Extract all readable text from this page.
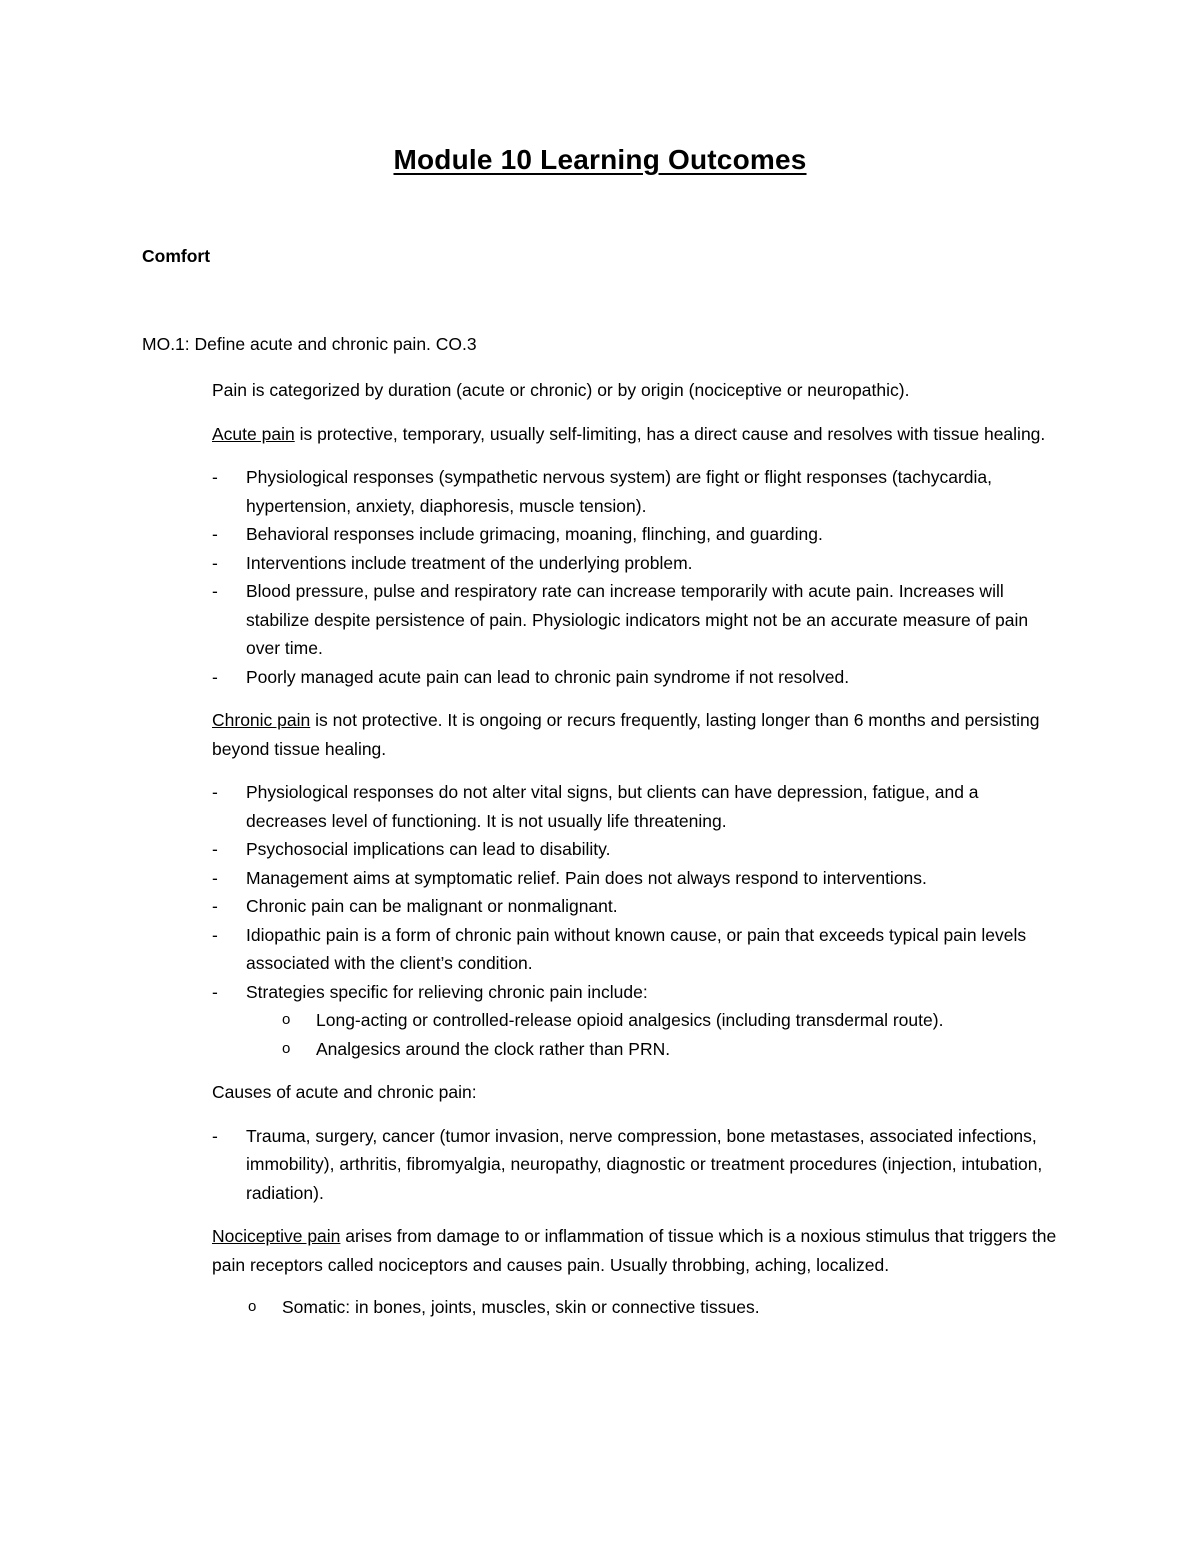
Module 10 Learning Outcomes
Comfort
MO.1: Define acute and chronic pain. CO.3

Pain is categorized by duration (acute or chronic) or by origin (nociceptive or neuropathic).

Acute pain is protective, temporary, usually self-limiting, has a direct cause and resolves with tissue healing.

- Physiological responses (sympathetic nervous system) are fight or flight responses (tachycardia, hypertension, anxiety, diaphoresis, muscle tension).
- Behavioral responses include grimacing, moaning, flinching, and guarding.
- Interventions include treatment of the underlying problem.
- Blood pressure, pulse and respiratory rate can increase temporarily with acute pain. Increases will stabilize despite persistence of pain. Physiologic indicators might not be an accurate measure of pain over time.
- Poorly managed acute pain can lead to chronic pain syndrome if not resolved.

Chronic pain is not protective. It is ongoing or recurs frequently, lasting longer than 6 months and persisting beyond tissue healing.

- Physiological responses do not alter vital signs, but clients can have depression, fatigue, and a decreases level of functioning. It is not usually life threatening.
- Psychosocial implications can lead to disability.
- Management aims at symptomatic relief. Pain does not always respond to interventions.
- Chronic pain can be malignant or nonmalignant.
- Idiopathic pain is a form of chronic pain without known cause, or pain that exceeds typical pain levels associated with the client’s condition.
- Strategies specific for relieving chronic pain include:
o Long-acting or controlled-release opioid analgesics (including transdermal route).
o Analgesics around the clock rather than PRN.

Causes of acute and chronic pain:

- Trauma, surgery, cancer (tumor invasion, nerve compression, bone metastases, associated infections, immobility), arthritis, fibromyalgia, neuropathy, diagnostic or treatment procedures (injection, intubation, radiation).

Nociceptive pain arises from damage to or inflammation of tissue which is a noxious stimulus that triggers the pain receptors called nociceptors and causes pain. Usually throbbing, aching, localized.

o Somatic: in bones, joints, muscles, skin or connective tissues.
